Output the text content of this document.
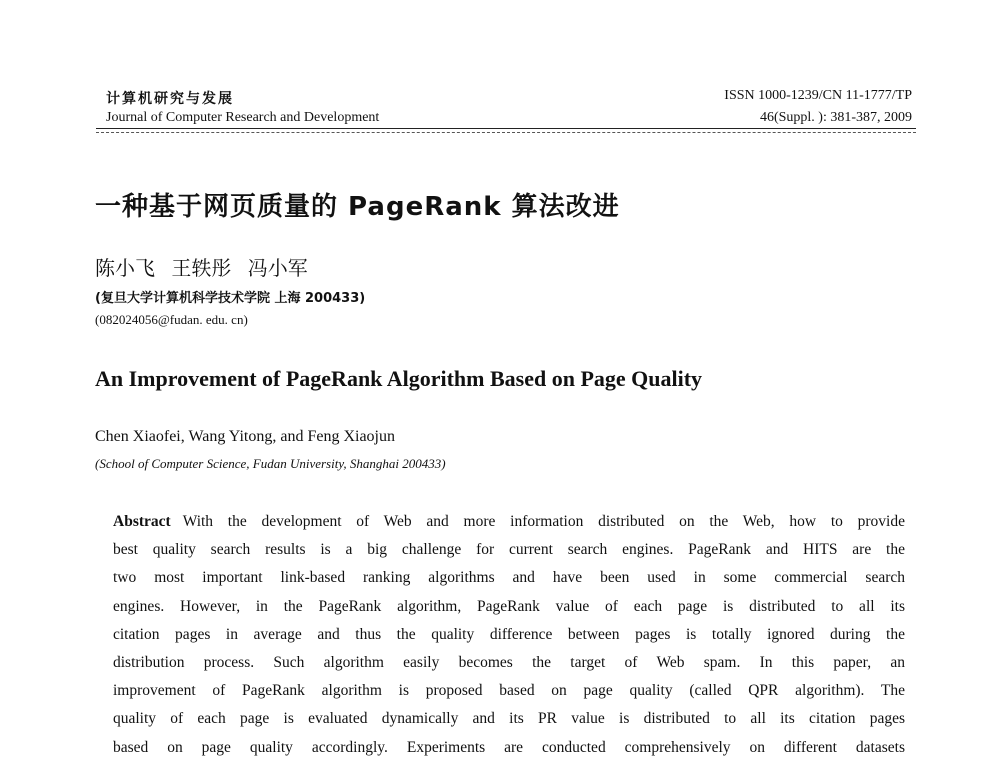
计算机研究与发展
Journal of Computer Research and Development
ISSN 1000-1239/CN 11-1777/TP
46(Suppl. ): 381-387, 2009
一种基于网页质量的 PageRank 算法改进
陈小飞 王轶彤 冯小军
(复旦大学计算机科学技术学院 上海 200433)
(082024056@fudan. edu. cn)
An Improvement of PageRank Algorithm Based on Page Quality
Chen Xiaofei, Wang Yitong, and Feng Xiaojun
(School of Computer Science, Fudan University, Shanghai 200433)
Abstract With the development of Web and more information distributed on the Web, how to provide
best quality search results is a big challenge for current search engines. PageRank and HITS are the
two most important link-based ranking algorithms and have been used in some commercial search
engines. However, in the PageRank algorithm, PageRank value of each page is distributed to all its
citation pages in average and thus the quality difference between pages is totally ignored during the
distribution process. Such algorithm easily becomes the target of Web spam. In this paper, an
improvement of PageRank algorithm is proposed based on page quality (called QPR algorithm). The
quality of each page is evaluated dynamically and its PR value is distributed to all its citation pages
based on page quality accordingly. Experiments are conducted comprehensively on different datasets
